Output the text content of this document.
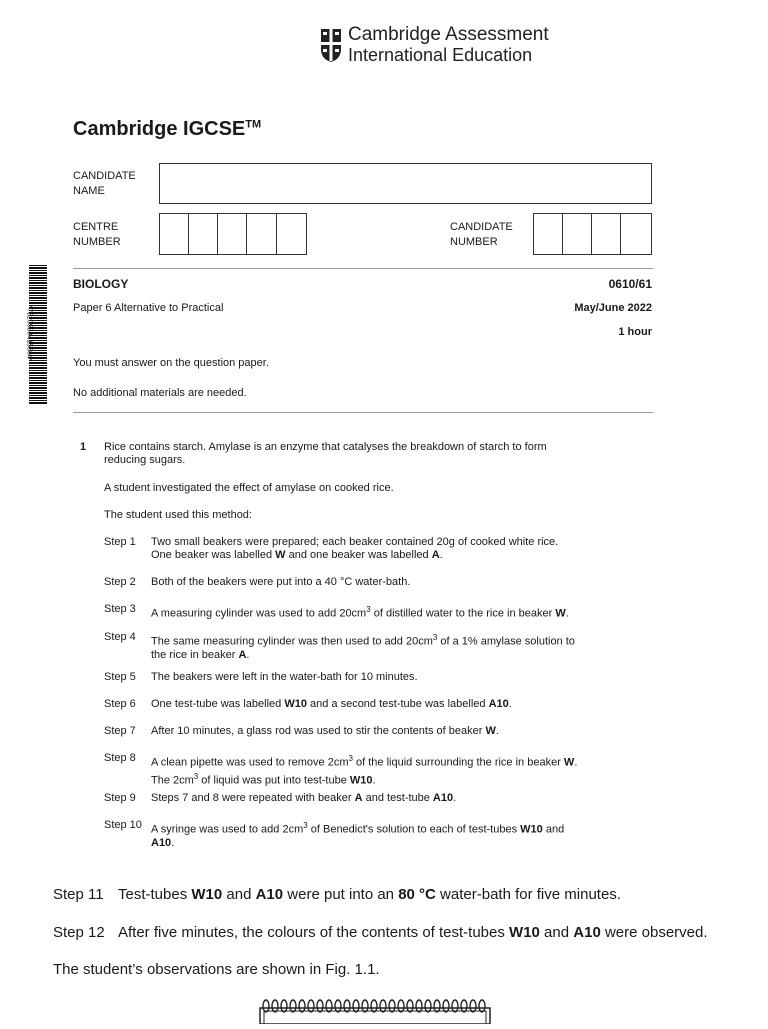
Cambridge Assessment
International Education
Cambridge IGCSE™
CANDIDATE
NAME
CENTRE
NUMBER
CANDIDATE
NUMBER
*7520580415584*
BIOLOGY	0610/61
Paper 6 Alternative to Practical	May/June 2022
1 hour
You must answer on the question paper.
No additional materials are needed.
1 Rice contains starch. Amylase is an enzyme that catalyses the breakdown of starch to form
reducing sugars.
A student investigated the effect of amylase on cooked rice.
The student used this method:
Step 1 Two small beakers were prepared; each beaker contained 20g of cooked white rice.
One beaker was labelled W and one beaker was labelled A.
Step 2 Both of the beakers were put into a 40 °C water-bath.
Step 3 A measuring cylinder was used to add $20cm^3$ of distilled water to the rice in beaker W.
Step 4 The same measuring cylinder was then used to add $20cm^3$ of a 1% amylase solution to
the rice in beaker A.
Step 5 The beakers were left in the water-bath for 10 minutes.
Step 6 One test-tube was labelled W10 and a second test-tube was labelled A10.
Step 7 After 10 minutes, a glass rod was used to stir the contents of beaker W.
Step 8 A clean pipette was used to remove $2cm^3$ of the liquid surrounding the rice in beaker W.
The $2cm^3$ of liquid was put into test-tube W10.
Step 9 Steps 7 and 8 were repeated with beaker A and test-tube A10.
Step 10 A syringe was used to add $2cm^3$ of Benedict's solution to each of test-tubes W10 and
A10.
Step 11 Test-tubes W10 and A10 were put into an 80 °C water-bath for five minutes.
Step 12 After five minutes, the colours of the contents of test-tubes W10 and A10 were observed.
The student’s observations are shown in Fig. 1.1.
